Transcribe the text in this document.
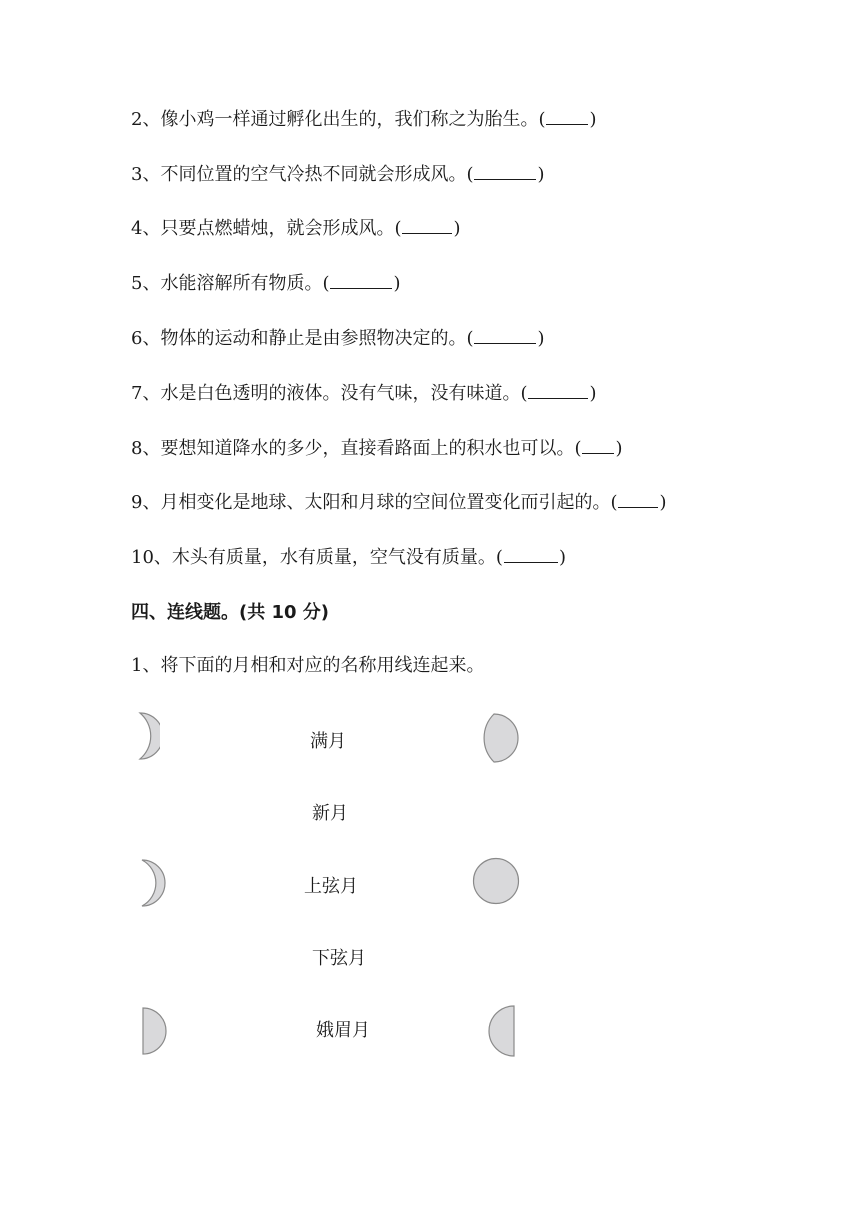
2、像小鸡一样通过孵化出生的，我们称之为胎生。( )
3、不同位置的空气冷热不同就会形成风。(	)
4、只要点燃蜡烛，就会形成风。(	)
5、水能溶解所有物质。(	)
6、物体的运动和静止是由参照物决定的。(	)
7、水是白色透明的液体。没有气味，没有味道。(	)
8、要想知道降水的多少，直接看路面上的积水也可以。( )
9、月相变化是地球、太阳和月球的空间位置变化而引起的。( )
10、木头有质量，水有质量，空气没有质量。(	)
四、连线题。(共 10 分)
1、将下面的月相和对应的名称用线连起来。
满月
新月
上弦月
下弦月
娥眉月
